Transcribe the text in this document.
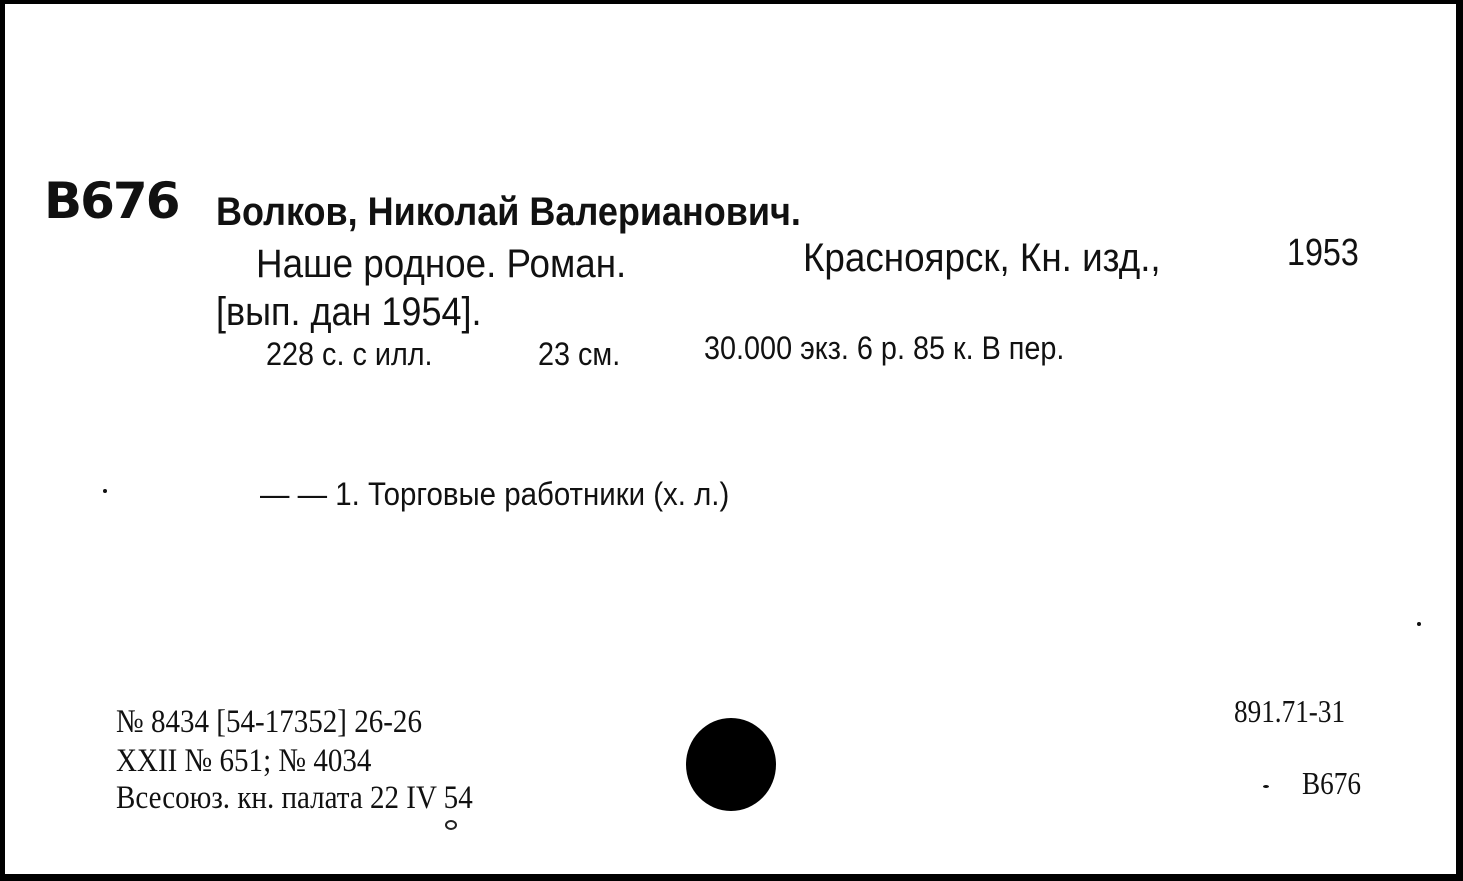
В676 Волков, Николай Валерианович.
Наше родное. Роман.	Красноярск, Кн. изд.,	1953
[вып. дан 1954].
228 с. с илл.	23 см.	30.000 экз. 6 р. 85 к. В пер.
— — 1. Торговые работники (х. л.)
№ 8434 [54-17352] 26-26
XXII № 651; № 4034
Всесоюз. кн. палата 22 IV 54
891.71-31
В676
